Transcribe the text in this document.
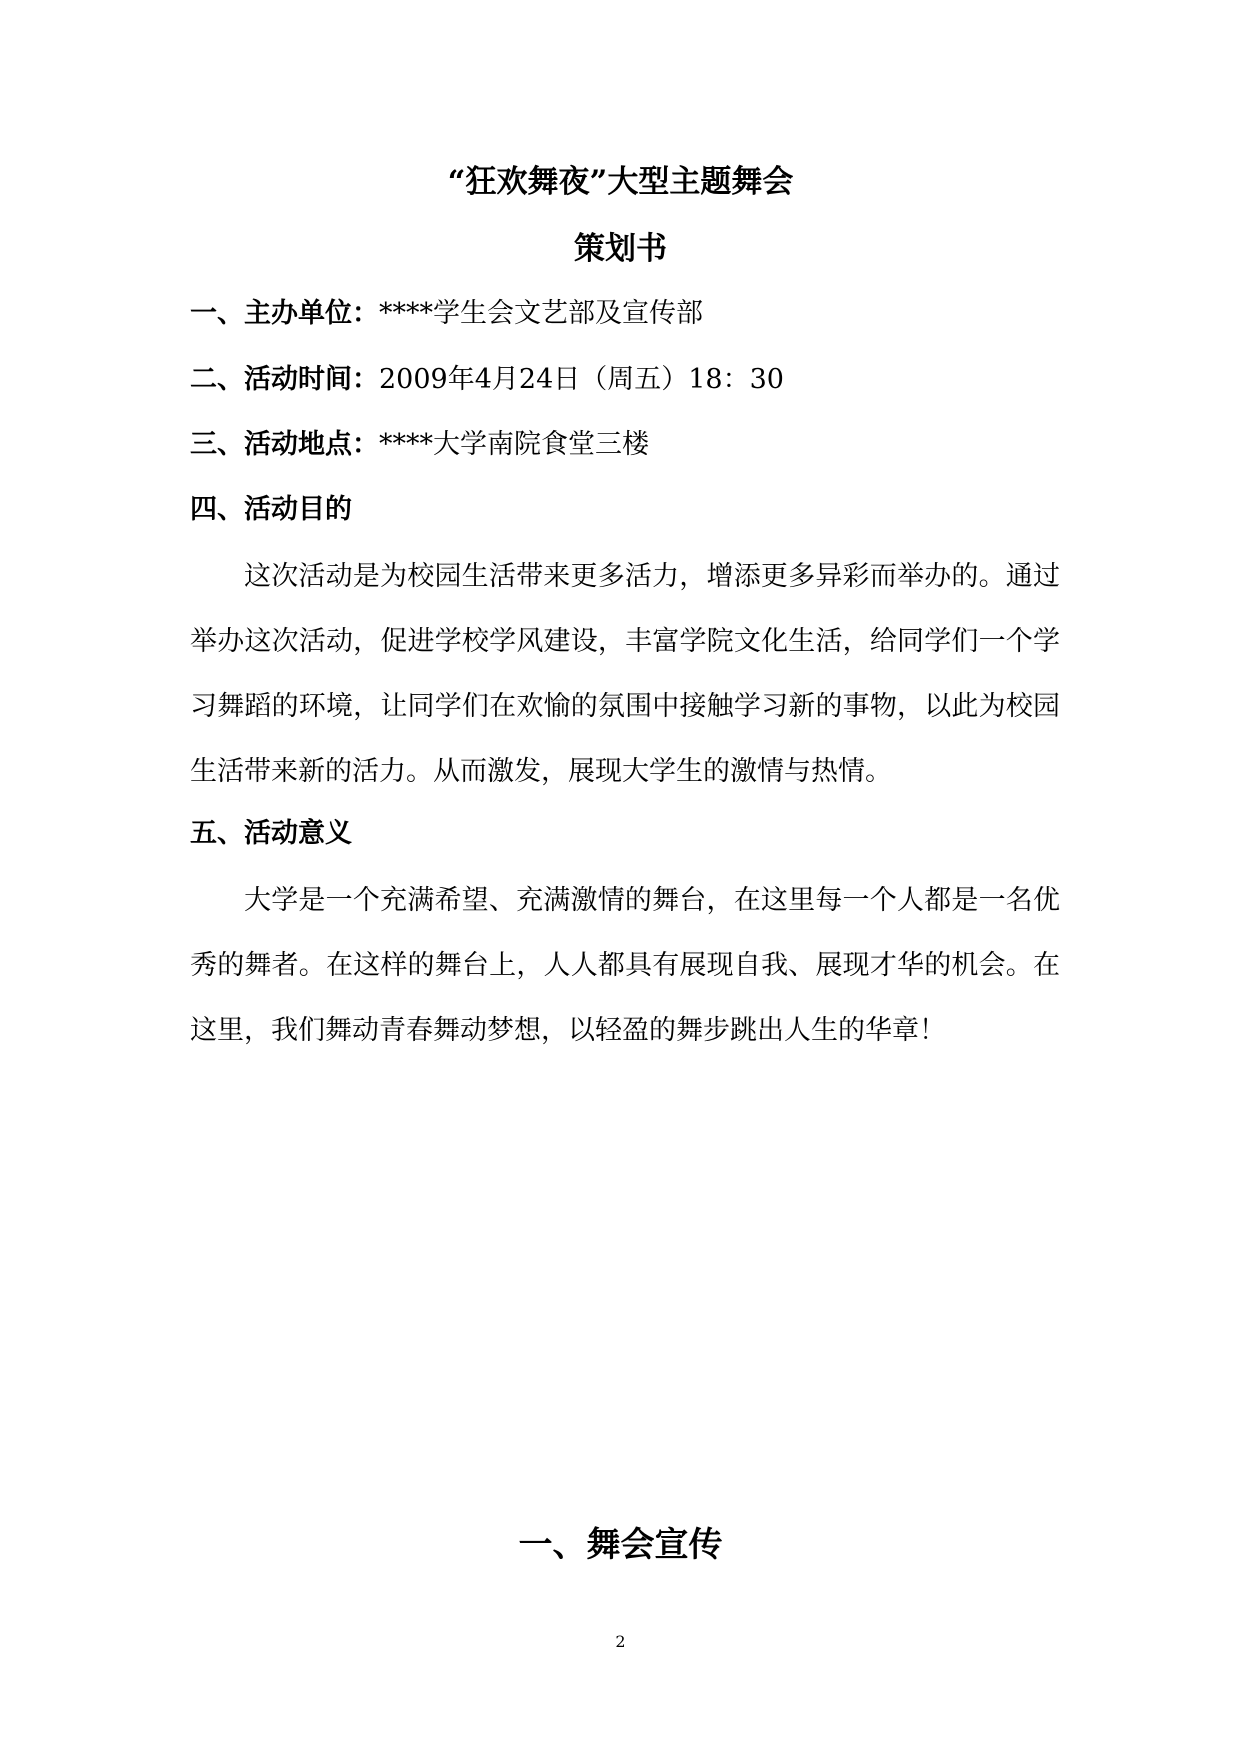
“狂欢舞夜”大型主题舞会
策划书

一、主办单位：****学生会文艺部及宣传部

二、活动时间：2009年4月24日（周五）18：30

三、活动地点：****大学南院食堂三楼

四、活动目的

这次活动是为校园生活带来更多活力，增添更多异彩而举办的。通过举办这次活动，促进学校学风建设，丰富学院文化生活，给同学们一个学习舞蹈的环境，让同学们在欢愉的氛围中接触学习新的事物，以此为校园生活带来新的活力。从而激发，展现大学生的激情与热情。

五、活动意义

大学是一个充满希望、充满激情的舞台，在这里每一个人都是一名优秀的舞者。在这样的舞台上，人人都具有展现自我、展现才华的机会。在这里，我们舞动青春舞动梦想，以轻盈的舞步跳出人生的华章！

一、舞会宣传
2
